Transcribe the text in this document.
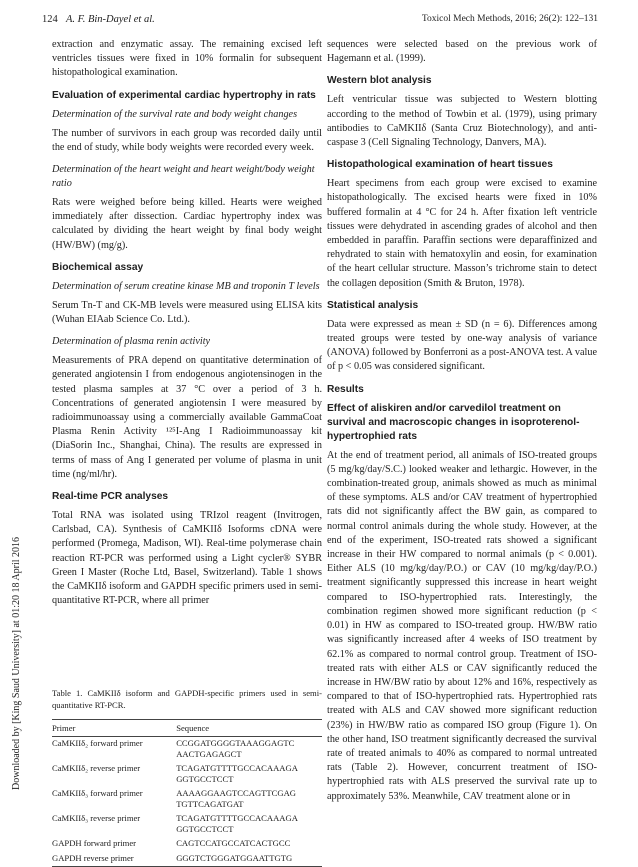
124 A. F. Bin-Dayel et al.	Toxicol Mech Methods, 2016; 26(2): 122–131
Downloaded by [King Saud University] at 01:20 18 April 2016

extraction and enzymatic assay. The remaining excised left ventricles tissues were fixed in 10% formalin for subsequent histopathological examination.

Evaluation of experimental cardiac hypertrophy in rats
Determination of the survival rate and body weight changes

The number of survivors in each group was recorded daily until the end of study, while body weights were recorded every week.

Determination of the heart weight and heart weight/body weight ratio

Rats were weighed before being killed. Hearts were weighed immediately after dissection. Cardiac hypertrophy index was calculated by dividing the heart weight by final body weight (HW/BW) (mg/g).

Biochemical assay
Determination of serum creatine kinase MB and troponin T levels

Serum Tn-T and CK-MB levels were measured using ELISA kits (Wuhan EIAab Science Co. Ltd.).

Determination of plasma renin activity

Measurements of PRA depend on quantitative determination of generated angiotensin I from endogenous angiotensinogen in the tested plasma samples at 37 °C over a period of 3 h. Concentrations of generated angiotensin I were measured by radioimmunoassay using a commercially available GammaCoat Plasma Renin Activity ¹²⁵I-Ang I Radioimmunoassay kit (DiaSorin Inc., Shanghai, China). The results are expressed in terms of mass of Ang I generated per volume of plasma in unit time (ng/ml/hr).

Real-time PCR analyses

Total RNA was isolated using TRIzol reagent (Invitrogen, Carlsbad, CA). Synthesis of CaMKIIδ Isoforms cDNA were performed (Promega, Madison, WI). Real-time polymerase chain reaction RT-PCR was performed using a Light cycler® SYBR Green I Master (Roche Ltd, Basel, Switzerland). Table 1 shows the CaMKIIδ isoform and GAPDH specific primers used in semi-quantitative RT-PCR, where all primer

sequences were selected based on the previous work of Hagemann et al. (1999).

Western blot analysis

Left ventricular tissue was subjected to Western blotting according to the method of Towbin et al. (1979), using primary antibodies to CaMKIIδ (Santa Cruz Biotechnology), and anti-caspase 3 (Cell Signaling Technology, Danvers, MA).

Histopathological examination of heart tissues

Heart specimens from each group were excised to examine histopathologically. The excised hearts were fixed in 10% buffered formalin at 4 °C for 24 h. After fixation left ventricle tissues were dehydrated in ascending grades of alcohol and then embedded in paraffin. Paraffin sections were deparaffinized and rehydrated to stain with hematoxylin and eosin, for examination of the heart cellular structure. Masson’s trichrome stain to detect the collagen deposition (Smith & Bruton, 1978).

Statistical analysis

Data were expressed as mean ± SD (n = 6). Differences among treated groups were tested by one-way analysis of variance (ANOVA) followed by Bonferroni as a post-ANOVA test. A value of p < 0.05 was considered significant.

Results
Effect of aliskiren and/or carvedilol treatment on survival and macroscopic changes in isoproterenol-hypertrophied rats

At the end of treatment period, all animals of ISO-treated groups (5 mg/kg/day/S.C.) looked weaker and lethargic. However, in the combination-treated group, animals showed as much as minimal of these symptoms. ALS and/or CAV treatment of hypertrophied rats did not significantly affect the BW gain, as compared to normal control animals during the whole study. However, at the end of the experiment, ISO-treated rats showed a significant increase in their HW compared to normal animals (p < 0.001). Either ALS (10 mg/kg/day/P.O.) or CAV (10 mg/kg/day/P.O.) treatment significantly suppressed this increase in heart weight compared to ISO-hypertrophied rats. Interestingly, the combination regimen showed more significant reduction (p < 0.01) in HW as compared to ISO-treated group. HW/BW ratio was significantly increased after 4 weeks of ISO treatment by 62.1% as compared to normal control group. Treatment of ISO-treated rats with either ALS or CAV significantly reduced the increase in HW/BW ratio by about 12% and 16%, respectively as compared to that of ISO-hypertrophied rats. Hypertrophied rats treated with ALS and CAV showed more significant reduction (23%) in HW/BW ratio as compared ISO group (Figure 1). On the other hand, ISO treatment significantly decreased the survival rate of treated animals to 40% as compared to normal untreated rats (Table 2). However, concurrent treatment of ISO-hypertrophied rats with ALS preserved the survival rate up to approximately 53%. Meanwhile, CAV treatment alone or in

Table 1. CaMKIIδ isoform and GAPDH-specific primers used in semi-quantitative RT-PCR.
Primer	Sequence
CaMKIIδ₂ forward primer	CCGGATGGGGTAAAGGAGTC AACTGAGAGCT
CaMKIIδ₂ reverse primer	TCAGATGTTTTGCCACAAAGA GGTGCCTCCT
CaMKIIδ₃ forward primer	AAAAGGAAGTCCAGTTCGAG TGTTCAGATGAT
CaMKIIδ₃ reverse primer	TCAGATGTTTTGCCACAAAGA GGTGCCTCCT
GAPDH forward primer	CAGTCCATGCCATCACTGCC
GAPDH reverse primer	GGGTCTGGGATGGAATTGTG
